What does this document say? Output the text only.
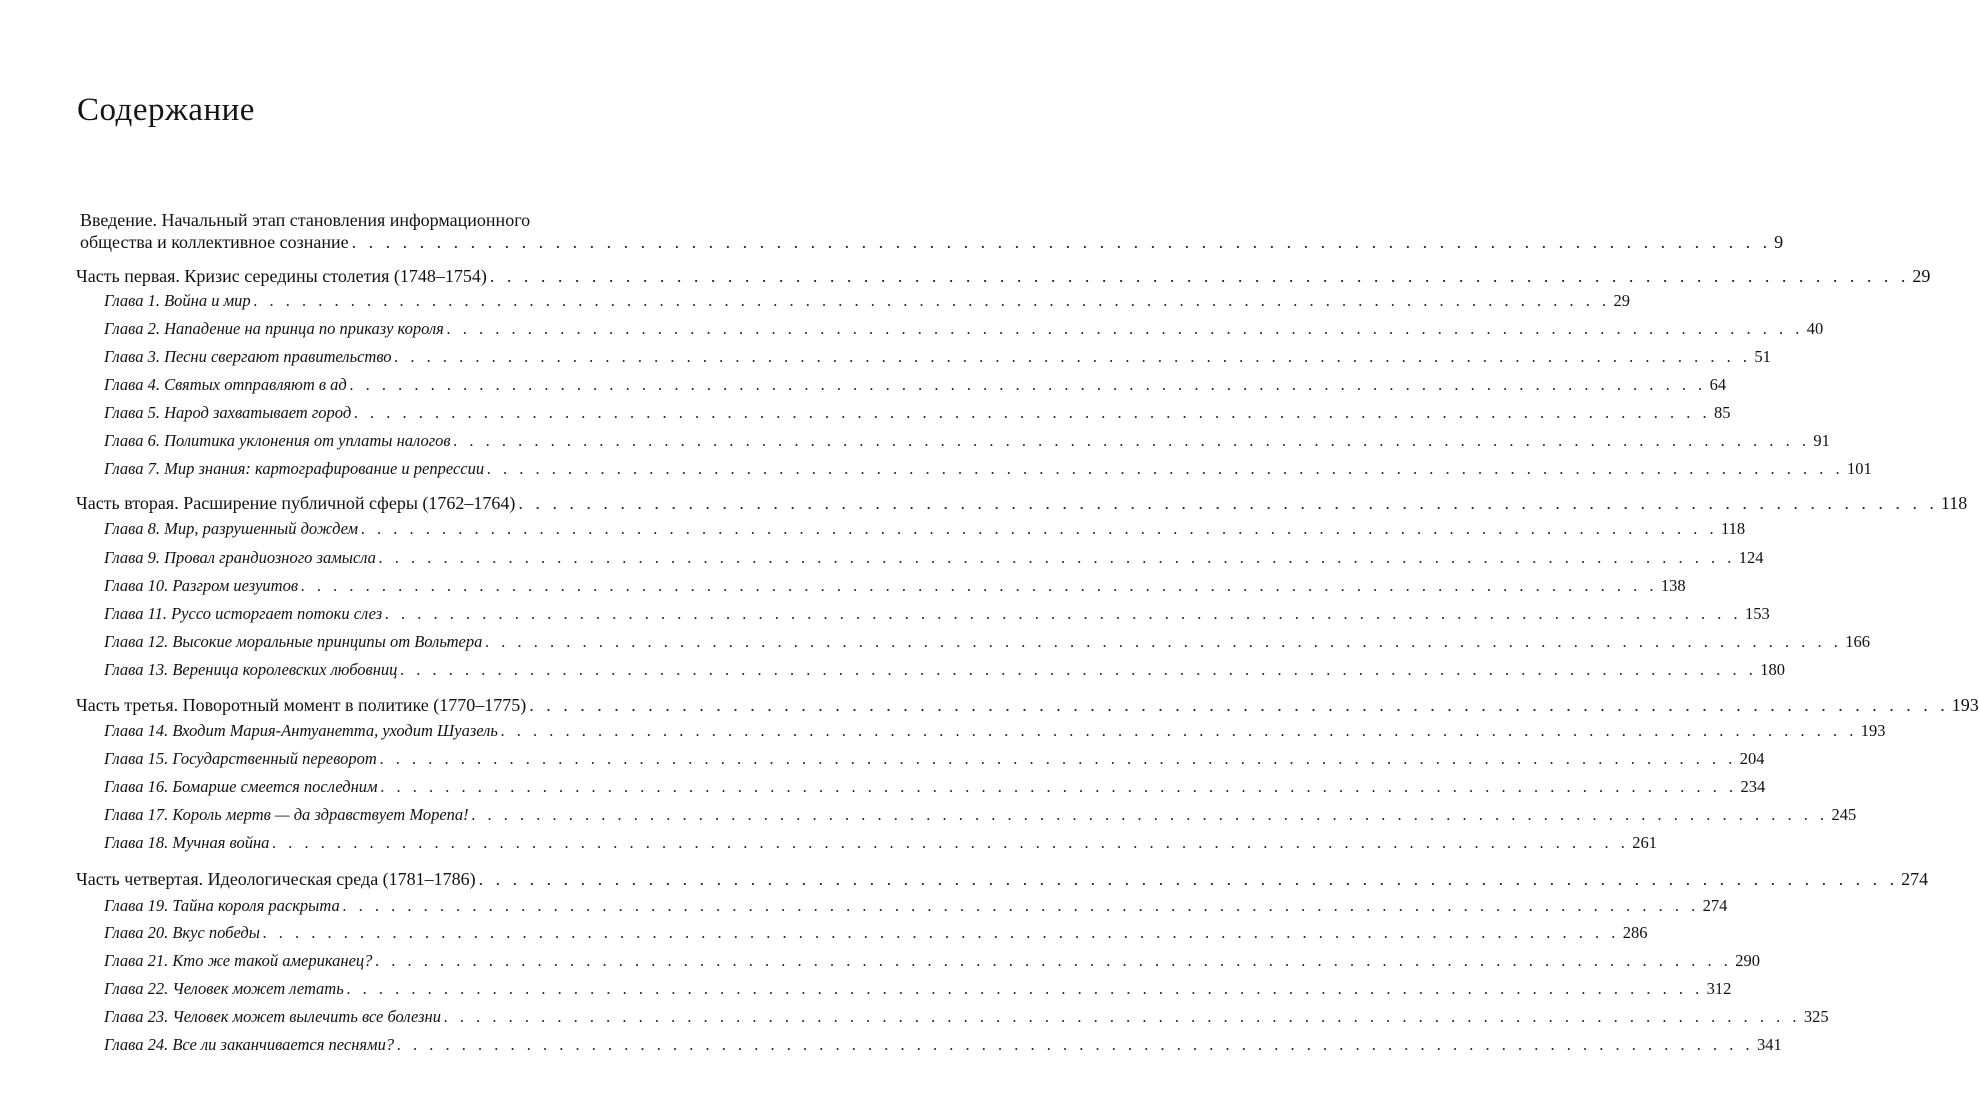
Содержание
Введение. Начальный этап становления информационного
общества и коллективное сознание . . .	9
Часть первая. Кризис середины столетия (1748–1754) . . .	29
Глава 1. Война и мир . . .	29
Глава 2. Нападение на принца по приказу короля . . .	40
Глава 3. Песни свергают правительство . . .	51
Глава 4. Святых отправляют в ад . . .	64
Глава 5. Народ захватывает город . . .	85
Глава 6. Политика уклонения от уплаты налогов . . .	91
Глава 7. Мир знания: картографирование и репрессии . . .	101
Часть вторая. Расширение публичной сферы (1762–1764) . . .	118
Глава 8. Мир, разрушенный дождем . . .	118
Глава 9. Провал грандиозного замысла . . .	124
Глава 10. Разгром иезуитов . . .	138
Глава 11. Руссо исторгает потоки слез . . .	153
Глава 12. Высокие моральные принципы от Вольтера . . .	166
Глава 13. Вереница королевских любовниц . . .	180
Часть третья. Поворотный момент в политике (1770–1775) . . .	193
Глава 14. Входит Мария-Антуанетта, уходит Шуазель . . .	193
Глава 15. Государственный переворот . . .	204
Глава 16. Бомарше смеется последним . . .	234
Глава 17. Король мертв — да здравствует Морепа! . . .	245
Глава 18. Мучная война . . .	261
Часть четвертая. Идеологическая среда (1781–1786) . . .	274
Глава 19. Тайна короля раскрыта . . .	274
Глава 20. Вкус победы . . .	286
Глава 21. Кто же такой американец? . . .	290
Глава 22. Человек может летать . . .	312
Глава 23. Человек может вылечить все болезни . . .	325
Глава 24. Все ли заканчивается песнями? . . .	341
